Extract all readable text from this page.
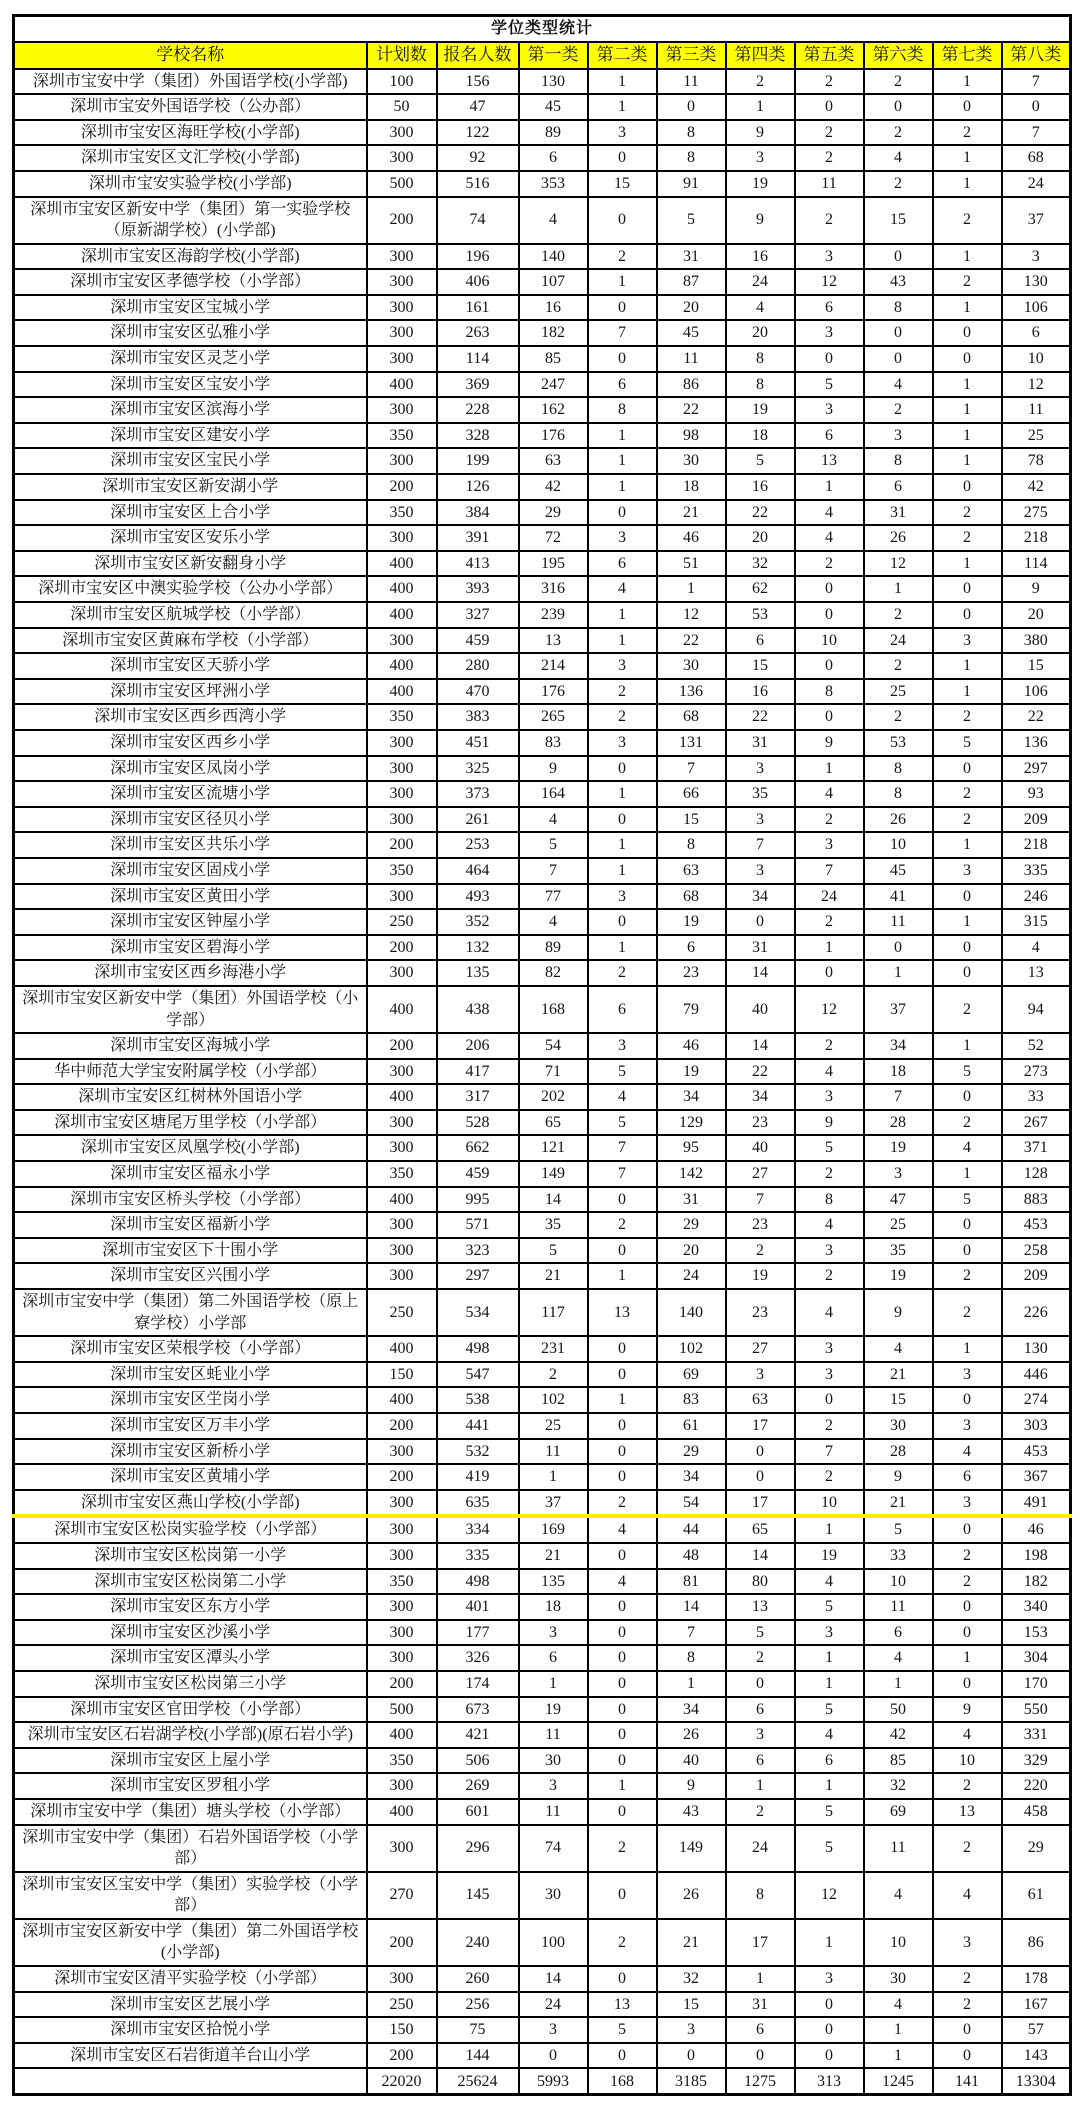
学位类型统计										
学校名称	计划数	报名人数	第一类	第二类	第三类	第四类	第五类	第六类	第七类	第八类
深圳市宝安中学（集团）外国语学校(小学部)	100	156	130	1	11	2	2	2	1	7
深圳市宝安外国语学校（公办部）	50	47	45	1	0	1	0	0	0	0
深圳市宝安区海旺学校(小学部)	300	122	89	3	8	9	2	2	2	7
深圳市宝安区文汇学校(小学部)	300	92	6	0	8	3	2	4	1	68
深圳市宝安实验学校(小学部)	500	516	353	15	91	19	11	2	1	24
深圳市宝安区新安中学（集团）第一实验学校（原新湖学校）(小学部)	200	74	4	0	5	9	2	15	2	37
深圳市宝安区海韵学校(小学部)	300	196	140	2	31	16	3	0	1	3
深圳市宝安区孝德学校（小学部）	300	406	107	1	87	24	12	43	2	130
深圳市宝安区宝城小学	300	161	16	0	20	4	6	8	1	106
深圳市宝安区弘雅小学	300	263	182	7	45	20	3	0	0	6
深圳市宝安区灵芝小学	300	114	85	0	11	8	0	0	0	10
深圳市宝安区宝安小学	400	369	247	6	86	8	5	4	1	12
深圳市宝安区滨海小学	300	228	162	8	22	19	3	2	1	11
深圳市宝安区建安小学	350	328	176	1	98	18	6	3	1	25
深圳市宝安区宝民小学	300	199	63	1	30	5	13	8	1	78
深圳市宝安区新安湖小学	200	126	42	1	18	16	1	6	0	42
深圳市宝安区上合小学	350	384	29	0	21	22	4	31	2	275
深圳市宝安区安乐小学	300	391	72	3	46	20	4	26	2	218
深圳市宝安区新安翻身小学	400	413	195	6	51	32	2	12	1	114
深圳市宝安区中澳实验学校（公办小学部）	400	393	316	4	1	62	0	1	0	9
深圳市宝安区航城学校（小学部）	400	327	239	1	12	53	0	2	0	20
深圳市宝安区黄麻布学校（小学部）	300	459	13	1	22	6	10	24	3	380
深圳市宝安区天骄小学	400	280	214	3	30	15	0	2	1	15
深圳市宝安区坪洲小学	400	470	176	2	136	16	8	25	1	106
深圳市宝安区西乡西湾小学	350	383	265	2	68	22	0	2	2	22
深圳市宝安区西乡小学	300	451	83	3	131	31	9	53	5	136
深圳市宝安区凤岗小学	300	325	9	0	7	3	1	8	0	297
深圳市宝安区流塘小学	300	373	164	1	66	35	4	8	2	93
深圳市宝安区径贝小学	300	261	4	0	15	3	2	26	2	209
深圳市宝安区共乐小学	200	253	5	1	8	7	3	10	1	218
深圳市宝安区固戍小学	350	464	7	1	63	3	7	45	3	335
深圳市宝安区黄田小学	300	493	77	3	68	34	24	41	0	246
深圳市宝安区钟屋小学	250	352	4	0	19	0	2	11	1	315
深圳市宝安区碧海小学	200	132	89	1	6	31	1	0	0	4
深圳市宝安区西乡海港小学	300	135	82	2	23	14	0	1	0	13
深圳市宝安区新安中学（集团）外国语学校（小学部）	400	438	168	6	79	40	12	37	2	94
深圳市宝安区海城小学	200	206	54	3	46	14	2	34	1	52
华中师范大学宝安附属学校（小学部）	300	417	71	5	19	22	4	18	5	273
深圳市宝安区红树林外国语小学	400	317	202	4	34	34	3	7	0	33
深圳市宝安区塘尾万里学校（小学部）	300	528	65	5	129	23	9	28	2	267
深圳市宝安区凤凰学校(小学部)	300	662	121	7	95	40	5	19	4	371
深圳市宝安区福永小学	350	459	149	7	142	27	2	3	1	128
深圳市宝安区桥头学校（小学部）	400	995	14	0	31	7	8	47	5	883
深圳市宝安区福新小学	300	571	35	2	29	23	4	25	0	453
深圳市宝安区下十围小学	300	323	5	0	20	2	3	35	0	258
深圳市宝安区兴围小学	300	297	21	1	24	19	2	19	2	209
深圳市宝安中学（集团）第二外国语学校（原上寮学校）小学部	250	534	117	13	140	23	4	9	2	226
深圳市宝安区荣根学校（小学部）	400	498	231	0	102	27	3	4	1	130
深圳市宝安区蚝业小学	150	547	2	0	69	3	3	21	3	446
深圳市宝安区坣岗小学	400	538	102	1	83	63	0	15	0	274
深圳市宝安区万丰小学	200	441	25	0	61	17	2	30	3	303
深圳市宝安区新桥小学	300	532	11	0	29	0	7	28	4	453
深圳市宝安区黄埔小学	200	419	1	0	34	0	2	9	6	367
深圳市宝安区燕山学校(小学部)	300	635	37	2	54	17	10	21	3	491
深圳市宝安区松岗实验学校（小学部）	300	334	169	4	44	65	1	5	0	46
深圳市宝安区松岗第一小学	300	335	21	0	48	14	19	33	2	198
深圳市宝安区松岗第二小学	350	498	135	4	81	80	4	10	2	182
深圳市宝安区东方小学	300	401	18	0	14	13	5	11	0	340
深圳市宝安区沙溪小学	300	177	3	0	7	5	3	6	0	153
深圳市宝安区潭头小学	300	326	6	0	8	2	1	4	1	304
深圳市宝安区松岗第三小学	200	174	1	0	1	0	1	1	0	170
深圳市宝安区官田学校（小学部）	500	673	19	0	34	6	5	50	9	550
深圳市宝安区石岩湖学校(小学部)(原石岩小学)	400	421	11	0	26	3	4	42	4	331
深圳市宝安区上屋小学	350	506	30	0	40	6	6	85	10	329
深圳市宝安区罗租小学	300	269	3	1	9	1	1	32	2	220
深圳市宝安中学（集团）塘头学校（小学部）	400	601	11	0	43	2	5	69	13	458
深圳市宝安中学（集团）石岩外国语学校（小学部）	300	296	74	2	149	24	5	11	2	29
深圳市宝安区宝安中学（集团）实验学校（小学部）	270	145	30	0	26	8	12	4	4	61
深圳市宝安区新安中学（集团）第二外国语学校(小学部)	200	240	100	2	21	17	1	10	3	86
深圳市宝安区清平实验学校（小学部）	300	260	14	0	32	1	3	30	2	178
深圳市宝安区艺展小学	250	256	24	13	15	31	0	4	2	167
深圳市宝安区拾悦小学	150	75	3	5	3	6	0	1	0	57
深圳市宝安区石岩街道羊台山小学	200	144	0	0	0	0	0	1	0	143
	22020	25624	5993	168	3185	1275	313	1245	141	13304
